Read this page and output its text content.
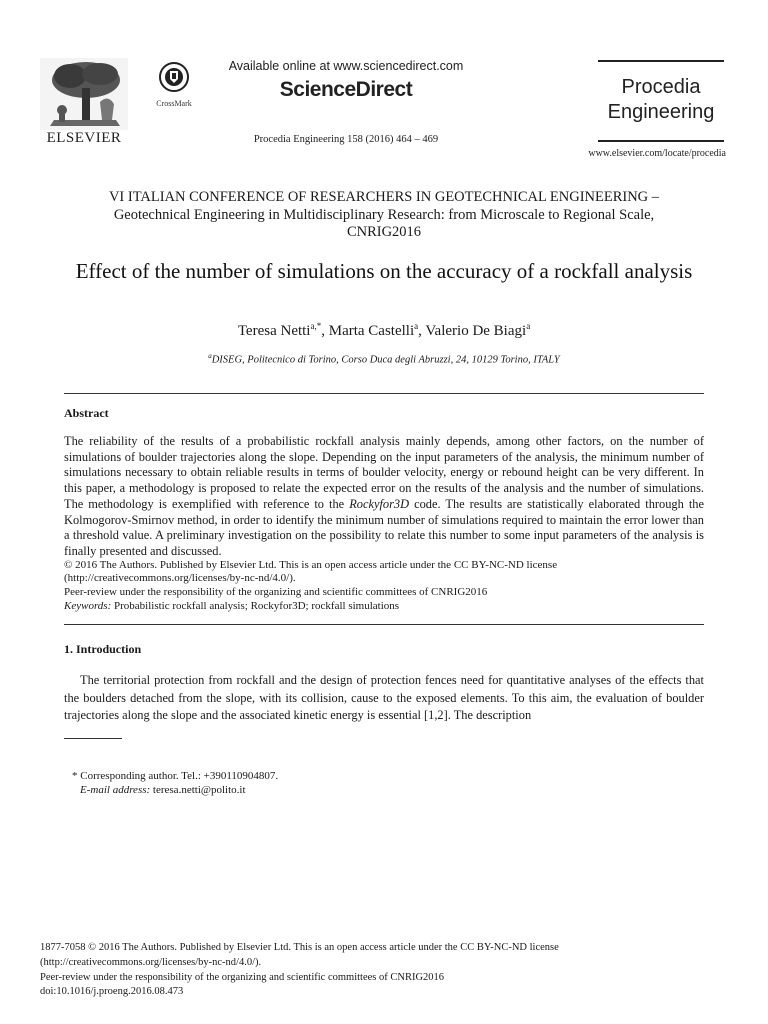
ELSEVIER
CrossMark
Available online at www.sciencedirect.com
ScienceDirect
Procedia Engineering 158 (2016) 464 – 469
Procedia
Engineering
www.elsevier.com/locate/procedia
VI ITALIAN CONFERENCE OF RESEARCHERS IN GEOTECHNICAL ENGINEERING –
Geotechnical Engineering in Multidisciplinary Research: from Microscale to Regional Scale,
CNRIG2016
Effect of the number of simulations on the accuracy of a rockfall analysis
Teresa Netti$^{a,*}$, Marta Castelli$^a$, Valerio De Biagi$^a$
$^a$DISEG, Politecnico di Torino, Corso Duca degli Abruzzi, 24, 10129 Torino, ITALY
Abstract
The reliability of the results of a probabilistic rockfall analysis mainly depends, among other factors, on the number of simulations of boulder trajectories along the slope. Depending on the input parameters of the analysis, the minimum number of simulations necessary to obtain reliable results in terms of boulder velocity, energy or rebound height can be very different. In this paper, a methodology is proposed to relate the expected error on the results of the analysis and the number of simulations. The methodology is exemplified with reference to the Rockyfor3D code. The results are statistically elaborated through the Kolmogorov-Smirnov method, in order to identify the minimum number of simulations required to maintain the error lower than a threshold value. A preliminary investigation on the possibility to relate this number to some input parameters of the analysis is finally presented and discussed.
© 2016 The Authors. Published by Elsevier Ltd. This is an open access article under the CC BY-NC-ND license
(http://creativecommons.org/licenses/by-nc-nd/4.0/).
Peer-review under the responsibility of the organizing and scientific committees of CNRIG2016
Keywords: Probabilistic rockfall analysis; Rockyfor3D; rockfall simulations
1. Introduction
The territorial protection from rockfall and the design of protection fences need for quantitative analyses of the effects that the boulders detached from the slope, with its collision, cause to the exposed elements. To this aim, the evaluation of boulder trajectories along the slope and the associated kinetic energy is essential [1,2]. The description
* Corresponding author. Tel.: +390110904807.
E-mail address: teresa.netti@polito.it
1877-7058 © 2016 The Authors. Published by Elsevier Ltd. This is an open access article under the CC BY-NC-ND license
(http://creativecommons.org/licenses/by-nc-nd/4.0/).
Peer-review under the responsibility of the organizing and scientific committees of CNRIG2016
doi:10.1016/j.proeng.2016.08.473
